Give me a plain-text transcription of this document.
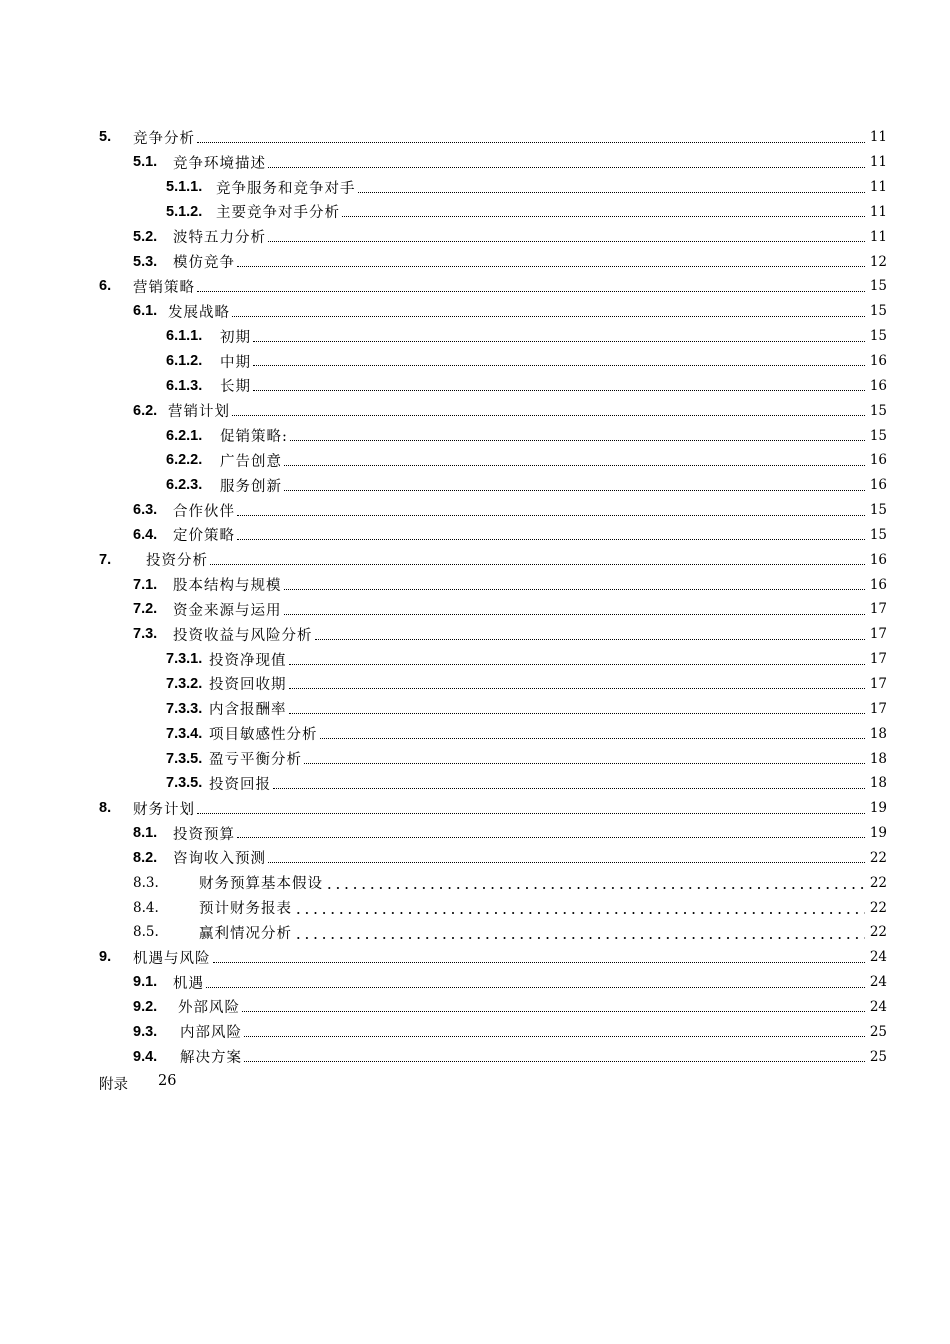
5. 竞争分析	11
5.1. 竞争环境描述	11
5.1.1. 竞争服务和竞争对手	11
5.1.2. 主要竞争对手分析	11
5.2. 波特五力分析	11
5.3. 模仿竞争	12
6. 营销策略	15
6.1. 发展战略	15
6.1.1. 初期	15
6.1.2. 中期	16
6.1.3. 长期	16
6.2. 营销计划	15
6.2.1. 促销策略:	15
6.2.2. 广告创意	16
6.2.3. 服务创新	16
6.3. 合作伙伴	15
6.4. 定价策略	15
7. 投资分析	16
7.1. 股本结构与规模	16
7.2. 资金来源与运用	17
7.3. 投资收益与风险分析	17
7.3.1. 投资净现值	17
7.3.2. 投资回收期	17
7.3.3. 内含报酬率	17
7.3.4. 项目敏感性分析	18
7.3.5. 盈亏平衡分析	18
7.3.5. 投资回报	18
8. 财务计划	19
8.1. 投资预算	19
8.2. 咨询收入预测	22
8.3.	财务预算基本假设	22
8.4.	预计财务报表	22
8.5.	赢利情况分析	22
9. 机遇与风险	24
9.1. 机遇	24
9.2. 外部风险	24
9.3. 内部风险	25
9.4. 解决方案	25
附录 26
